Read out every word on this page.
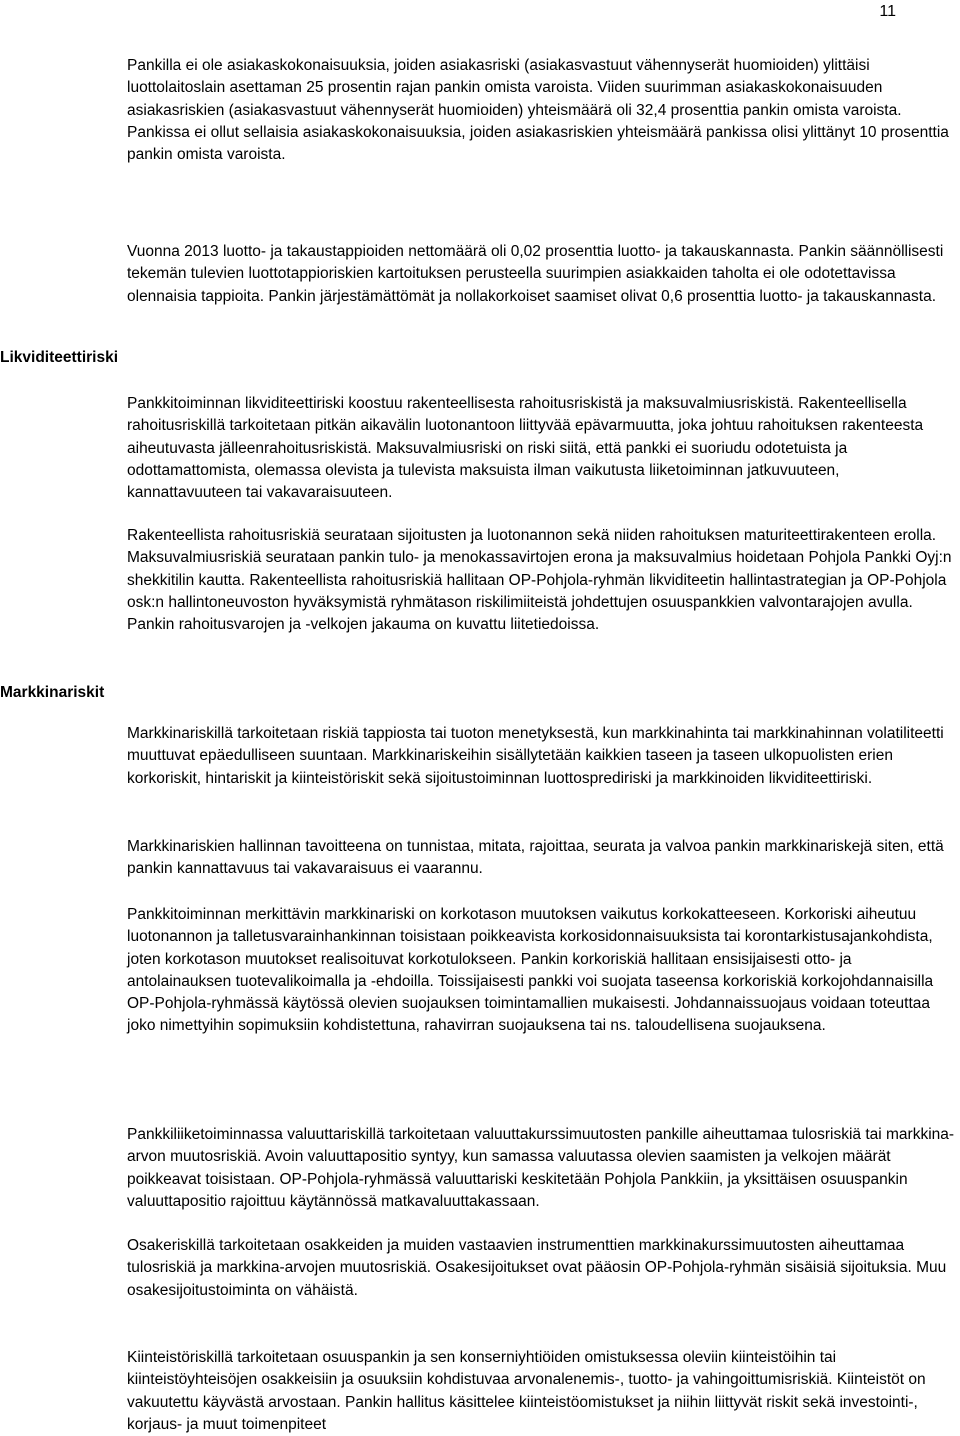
11
Likviditeettiriski
Markkinariskit

Pankilla ei ole asiakaskokonaisuuksia, joiden asiakasriski (asiakasvastuut vähennyserät huomioiden) ylittäisi luottolaitoslain asettaman 25 prosentin rajan pankin omista varoista. Viiden suurimman asiakaskokonaisuuden asiakasriskien (asiakasvastuut vähennyserät huomioiden) yhteismäärä oli 32,4 prosenttia pankin omista varoista. Pankissa ei ollut sellaisia asiakaskokonaisuuksia, joiden asiakasriskien yhteismäärä pankissa olisi ylittänyt 10 prosenttia pankin omista varoista.

Vuonna 2013 luotto- ja takaustappioiden nettomäärä oli 0,02 prosenttia luotto- ja takauskannasta. Pankin säännöllisesti tekemän tulevien luottotappioriskien kartoituksen perusteella suurimpien asiakkaiden taholta ei ole odotettavissa olennaisia tappioita. Pankin järjestämättömät ja nollakorkoiset saamiset olivat 0,6 prosenttia luotto- ja takauskannasta.

Pankkitoiminnan likviditeettiriski koostuu rakenteellisesta rahoitusriskistä ja maksuvalmiusriskistä. Rakenteellisella rahoitusriskillä tarkoitetaan pitkän aikavälin luotonantoon liittyvää epävarmuutta, joka johtuu rahoituksen rakenteesta aiheutuvasta jälleenrahoitusriskistä. Maksuvalmiusriski on riski siitä, että pankki ei suoriudu odotetuista ja odottamattomista, olemassa olevista ja tulevista maksuista ilman vaikutusta liiketoiminnan jatkuvuuteen, kannattavuuteen tai vakavaraisuuteen.

Rakenteellista rahoitusriskiä seurataan sijoitusten ja luotonannon sekä niiden rahoituksen maturiteettirakenteen erolla. Maksuvalmiusriskiä seurataan pankin tulo- ja menokassavirtojen erona ja maksuvalmius hoidetaan Pohjola Pankki Oyj:n shekkitilin kautta. Rakenteellista rahoitusriskiä hallitaan OP-Pohjola-ryhmän likviditeetin hallintastrategian ja OP-Pohjola osk:n hallintoneuvoston hyväksymistä ryhmätason riskilimiiteistä johdettujen osuuspankkien valvontarajojen avulla. Pankin rahoitusvarojen ja -velkojen jakauma on kuvattu liitetiedoissa.

Markkinariskillä tarkoitetaan riskiä tappiosta tai tuoton menetyksestä, kun markkinahinta tai markkinahinnan volatiliteetti muuttuvat epäedulliseen suuntaan. Markkinariskeihin sisällytetään kaikkien taseen ja taseen ulkopuolisten erien korkoriskit, hintariskit ja kiinteistöriskit sekä sijoitustoiminnan luottosprediriski ja markkinoiden likviditeettiriski.

Markkinariskien hallinnan tavoitteena on tunnistaa, mitata, rajoittaa, seurata ja valvoa pankin markkinariskejä siten, että pankin kannattavuus tai vakavaraisuus ei vaarannu.

Pankkitoiminnan merkittävin markkinariski on korkotason muutoksen vaikutus korkokatteeseen. Korkoriski aiheutuu luotonannon ja talletusvarainhankinnan toisistaan poikkeavista korkosidonnaisuuksista tai korontarkistusajankohdista, joten korkotason muutokset realisoituvat korkotulokseen. Pankin korkoriskiä hallitaan ensisijaisesti otto- ja antolainauksen tuotevalikoimalla ja -ehdoilla. Toissijaisesti pankki voi suojata taseensa korkoriskiä korkojohdannaisilla OP-Pohjola-ryhmässä käytössä olevien suojauksen toimintamallien mukaisesti. Johdannaissuojaus voidaan toteuttaa joko nimettyihin sopimuksiin kohdistettuna, rahavirran suojauksena tai ns. taloudellisena suojauksena.

Pankkiliiketoiminnassa valuuttariskillä tarkoitetaan valuuttakurssimuutosten pankille aiheuttamaa tulosriskiä tai markkina-arvon muutosriskiä. Avoin valuuttapositio syntyy, kun samassa valuutassa olevien saamisten ja velkojen määrät poikkeavat toisistaan. OP-Pohjola-ryhmässä valuuttariski keskitetään Pohjola Pankkiin, ja yksittäisen osuuspankin valuuttapositio rajoittuu käytännössä matkavaluuttakassaan.

Osakeriskillä tarkoitetaan osakkeiden ja muiden vastaavien instrumenttien markkinakurssimuutosten aiheuttamaa tulosriskiä ja markkina-arvojen muutosriskiä. Osakesijoitukset ovat pääosin OP-Pohjola-ryhmän sisäisiä sijoituksia. Muu osakesijoitustoiminta on vähäistä.

Kiinteistöriskillä tarkoitetaan osuuspankin ja sen konserniyhtiöiden omistuksessa oleviin kiinteistöihin tai kiinteistöyhteisöjen osakkeisiin ja osuuksiin kohdistuvaa arvonalenemis-, tuotto- ja vahingoittumisriskiä. Kiinteistöt on vakuutettu käyvästä arvostaan. Pankin hallitus käsittelee kiinteistöomistukset ja niihin liittyvät riskit sekä investointi-, korjaus- ja muut toimenpiteet
